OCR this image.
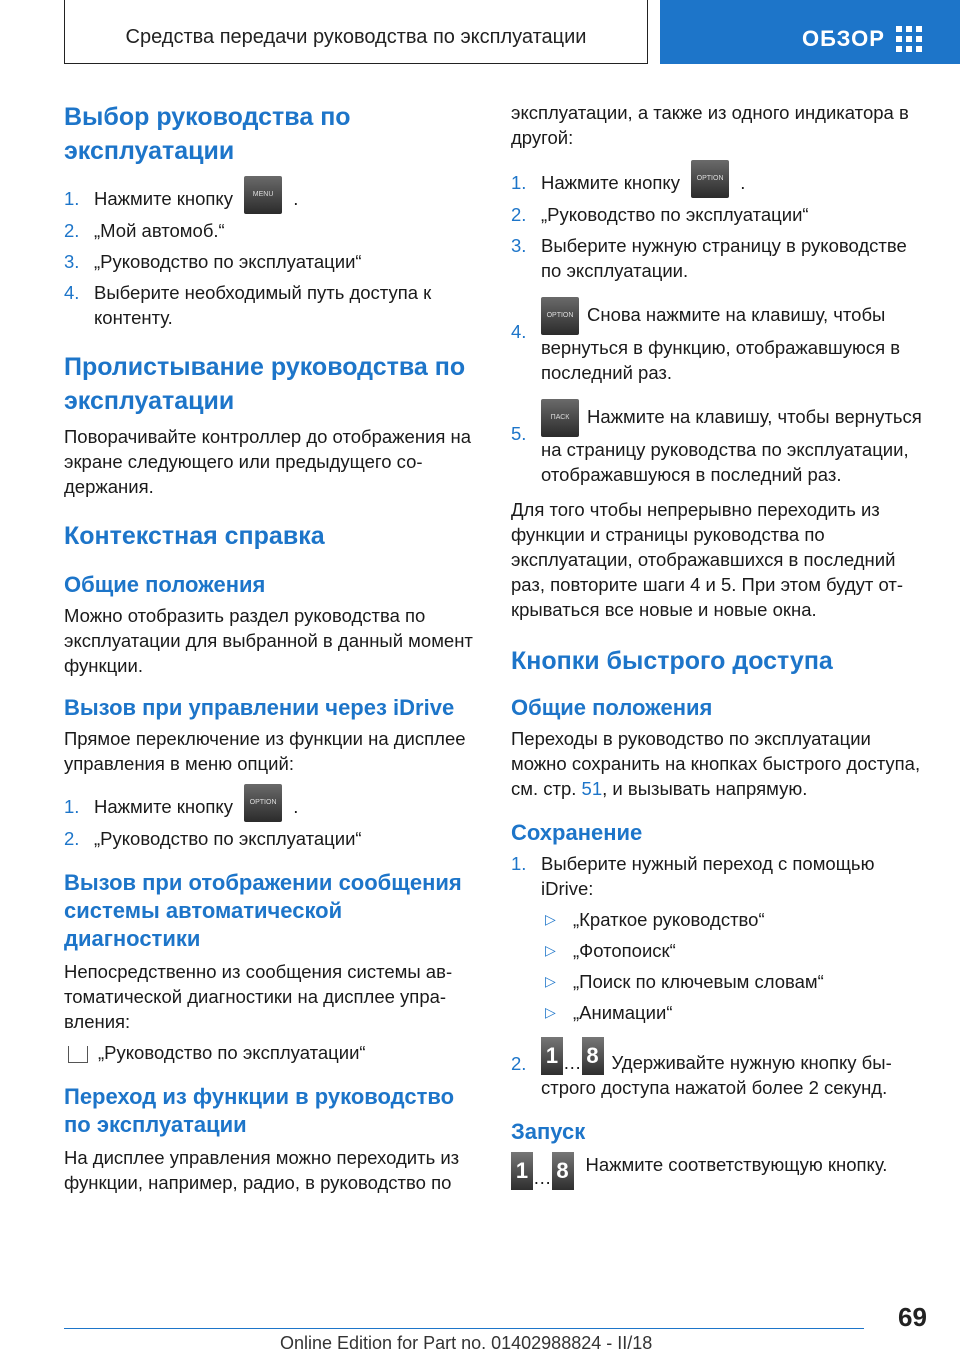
Средства передачи руководства по эксплуатации	ОБЗОР
Выбор руководства по эксплуатации
1. Нажмите кнопку	MENU .
2. „Мой автомоб.“
3. „Руководство по эксплуатации“
4. Выберите необходимый путь доступа к контенту.
Пролистывание руководства по эксплуатации

Поворачивайте контроллер до отображения на экране следующего или предыдущего содержания.

Контекстная справка
Общие положения

Можно отобразить раздел руководства по эксплуатации для выбранной в данный момент функции.

Вызов при управлении через iDrive

Прямое переключение из функции на дисплее управления в меню опций:

1. Нажмите кнопку OPTION .
2. „Руководство по эксплуатации“
Вызов при отображении сообщения системы автоматической диагностики

Непосредственно из сообщения системы автоматической диагностики на дисплее управления:

„Руководство по эксплуатации“

Переход из функции в руководство по эксплуатации

На дисплее управления можно переходить из функции, например, радио, в руководство по

эксплуатации, а также из одного индикатора в другой:

1. Нажмите кнопку OPTION .
2. „Руководство по эксплуатации“
3. Выберите нужную страницу в руководстве по эксплуатации.
4.
OPTION Снова нажмите на клавишу, чтобы вернуться в функцию, отображавшуюся в последний раз.
5.
ПАСК Нажмите на клавишу, чтобы вернуться на страницу руководства по эксплуатации, отображавшуюся в последний раз.

Для того чтобы непрерывно переходить из функции и страницы руководства по эксплуатации, отображавшихся в последний раз, повторите шаги 4 и 5. При этом будут открываться все новые и новые окна.

Кнопки быстрого доступа
Общие положения

Переходы в руководство по эксплуатации можно сохранить на кнопках быстрого доступа, см. стр. 51, и вызывать напрямую.

Сохранение
1. Выберите нужный переход с помощью iDrive:
▷ „Краткое руководство“
▷ „Фотопоиск“
▷ „Поиск по ключевым словам“
▷ „Анимации“
2. 1 … 8 Удерживайте нужную кнопку быстрого доступа нажатой более 2 секунд.
Запуск
1 … 8 Нажмите соответствующую кнопку.
69
Online Edition for Part no. 01402988824 - II/18
